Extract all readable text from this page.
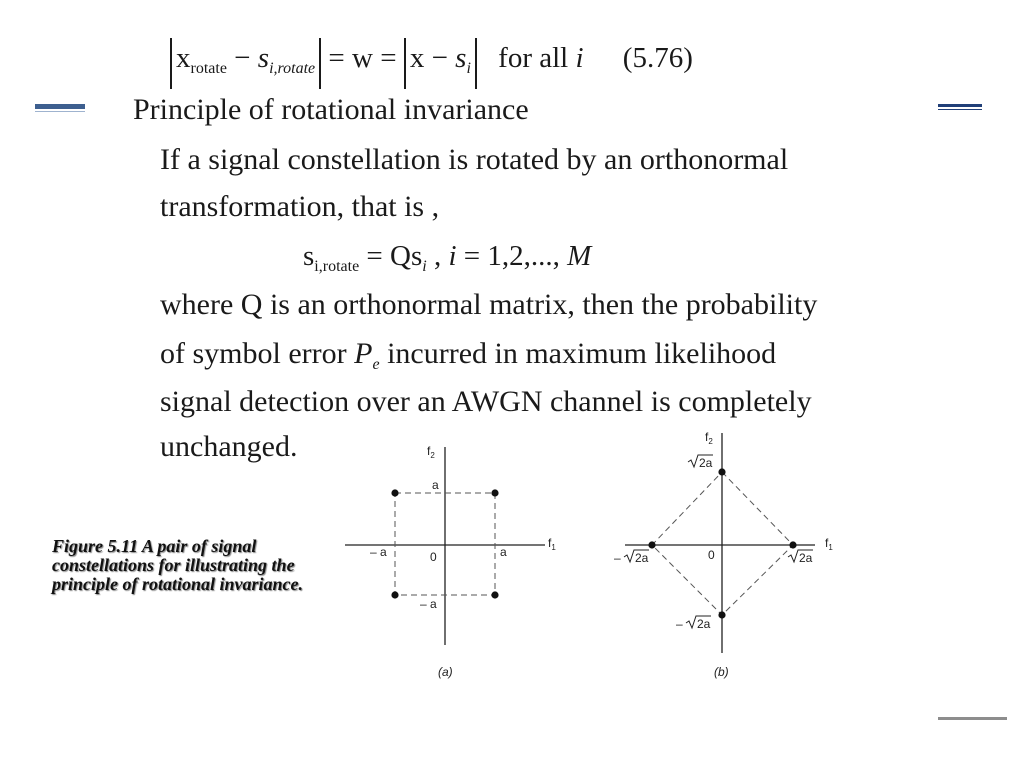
$x_{rotate} - s_{i,rotate} = w = x - s_i$ for all i (5.76)
Principle of rotational invariance
If a signal constellation is rotated by an orthonormal
transformation, that is ,
$s_{i,rotate} = Qs_i$ , i = 1,2,..., M
where Q is an orthonormal matrix, then the probability
of symbol error $P_e$ incurred in maximum likelihood
signal detection over an AWGN channel is completely
unchanged.
Figure 5.11 A pair of signal constellations for illustrating the principle of rotational invariance.
$f_2$
$f_1$
a
a
– a
– a
0
(a)
$f_2$
$f_1$
2a
2a
– 2a
– 2a
0
(b)
